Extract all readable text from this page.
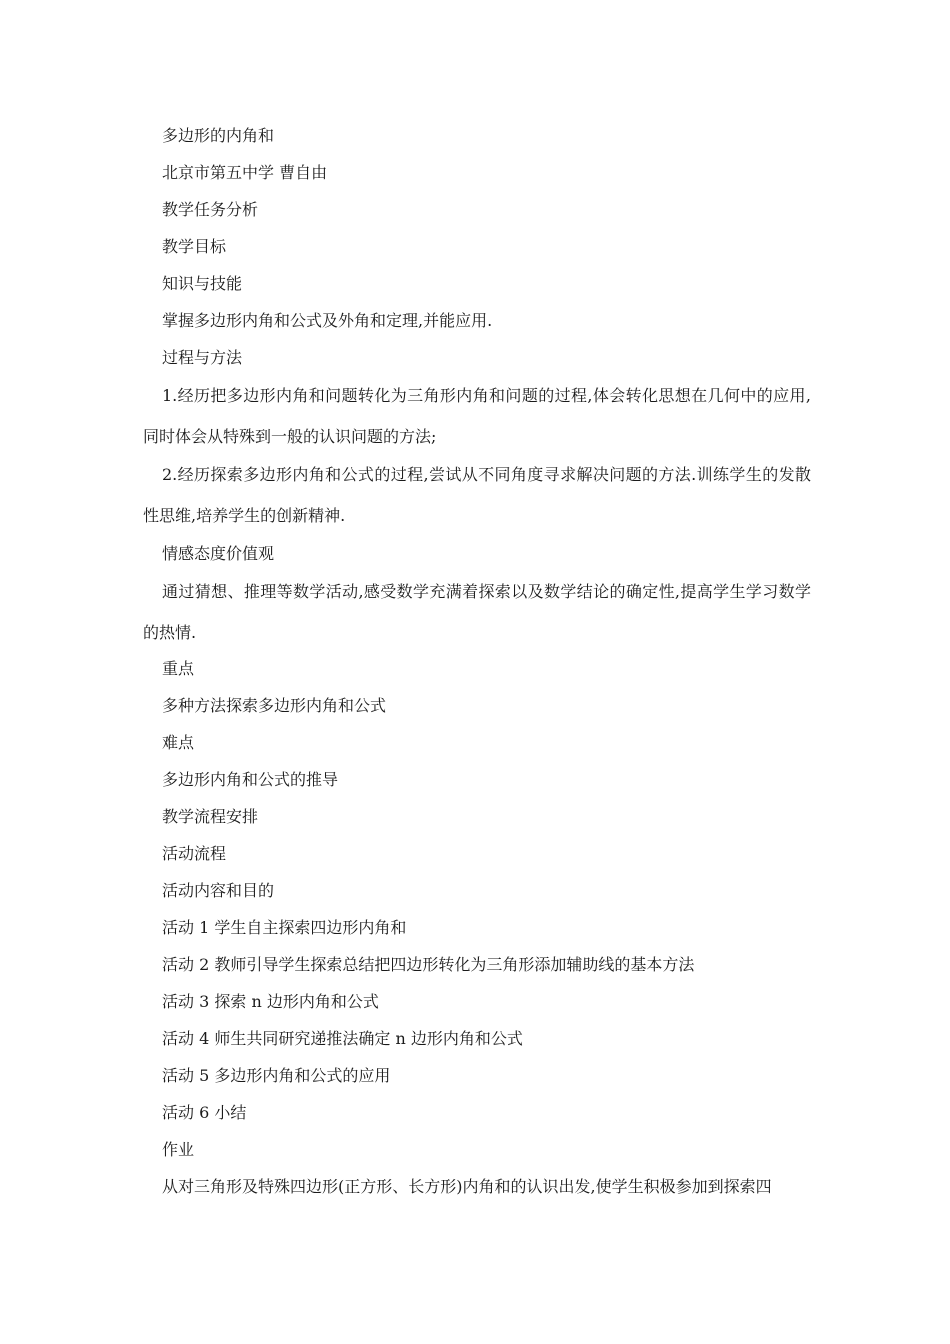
多边形的内角和

北京市第五中学 曹自由

教学任务分析

教学目标

知识与技能

掌握多边形内角和公式及外角和定理,并能应用.

过程与方法

1.经历把多边形内角和问题转化为三角形内角和问题的过程,体会转化思想在几何中的应用,同时体会从特殊到一般的认识问题的方法;

2.经历探索多边形内角和公式的过程,尝试从不同角度寻求解决问题的方法.训练学生的发散性思维,培养学生的创新精神.

情感态度价值观

通过猜想、推理等数学活动,感受数学充满着探索以及数学结论的确定性,提高学生学习数学的热情.

重点

多种方法探索多边形内角和公式

难点

多边形内角和公式的推导

教学流程安排

活动流程

活动内容和目的

活动 1 学生自主探索四边形内角和

活动 2 教师引导学生探索总结把四边形转化为三角形添加辅助线的基本方法

活动 3 探索 n 边形内角和公式

活动 4 师生共同研究递推法确定 n 边形内角和公式

活动 5 多边形内角和公式的应用

活动 6 小结

作业

从对三角形及特殊四边形(正方形、长方形)内角和的认识出发,使学生积极参加到探索四
